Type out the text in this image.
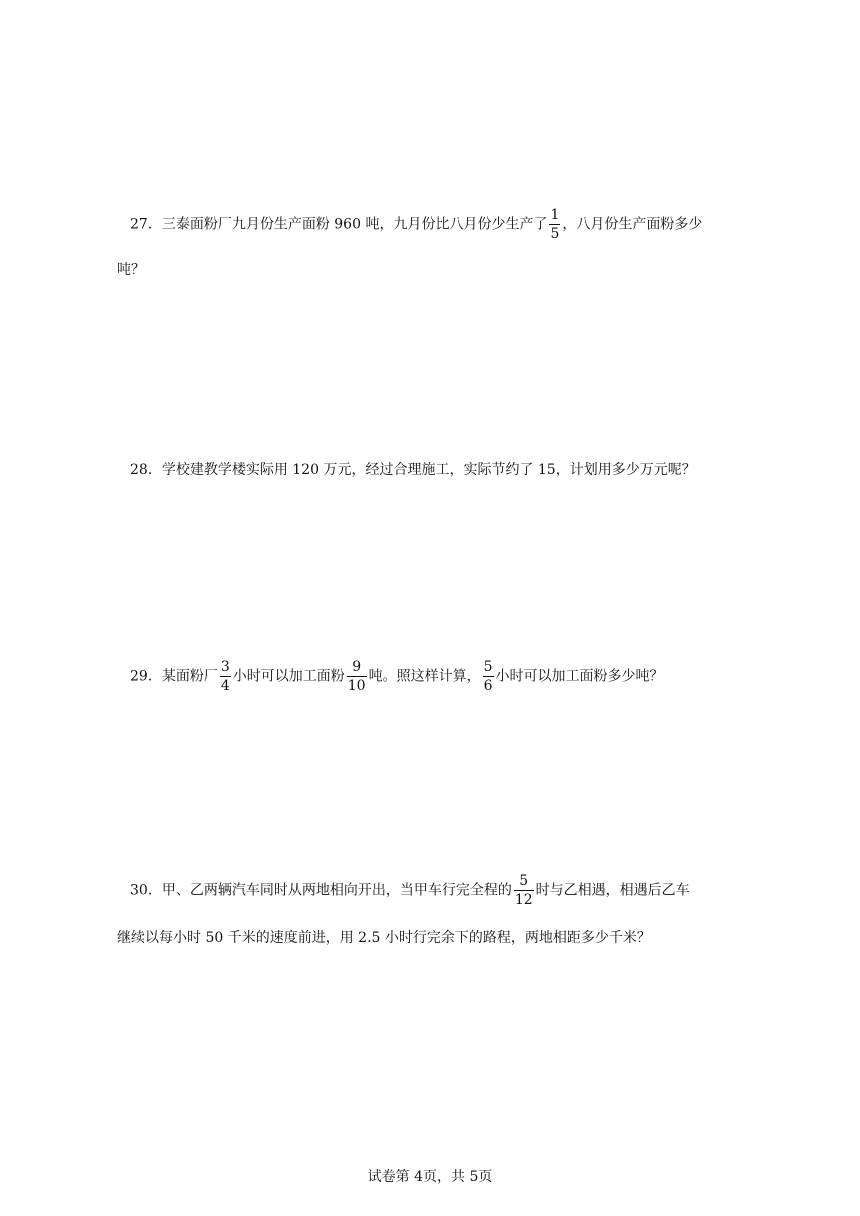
27．三泰面粉厂九月份生产面粉 960 吨，九月份比八月份少生产了 $\frac{1}{5}$ ，八月份生产面粉多少
吨？
28．学校建教学楼实际用 120 万元，经过合理施工，实际节约了 15，计划用多少万元呢？
29．某面粉厂 $\frac{3}{4}$ 小时可以加工面粉 $\frac{9}{10}$ 吨。照这样计算， $\frac{5}{6}$ 小时可以加工面粉多少吨？
30．甲、乙两辆汽车同时从两地相向开出，当甲车行完全程的 $\frac{5}{12}$ 时与乙相遇，相遇后乙车
继续以每小时 50 千米的速度前进，用 2.5 小时行完余下的路程，两地相距多少千米？
试卷第 4页，共 5页
